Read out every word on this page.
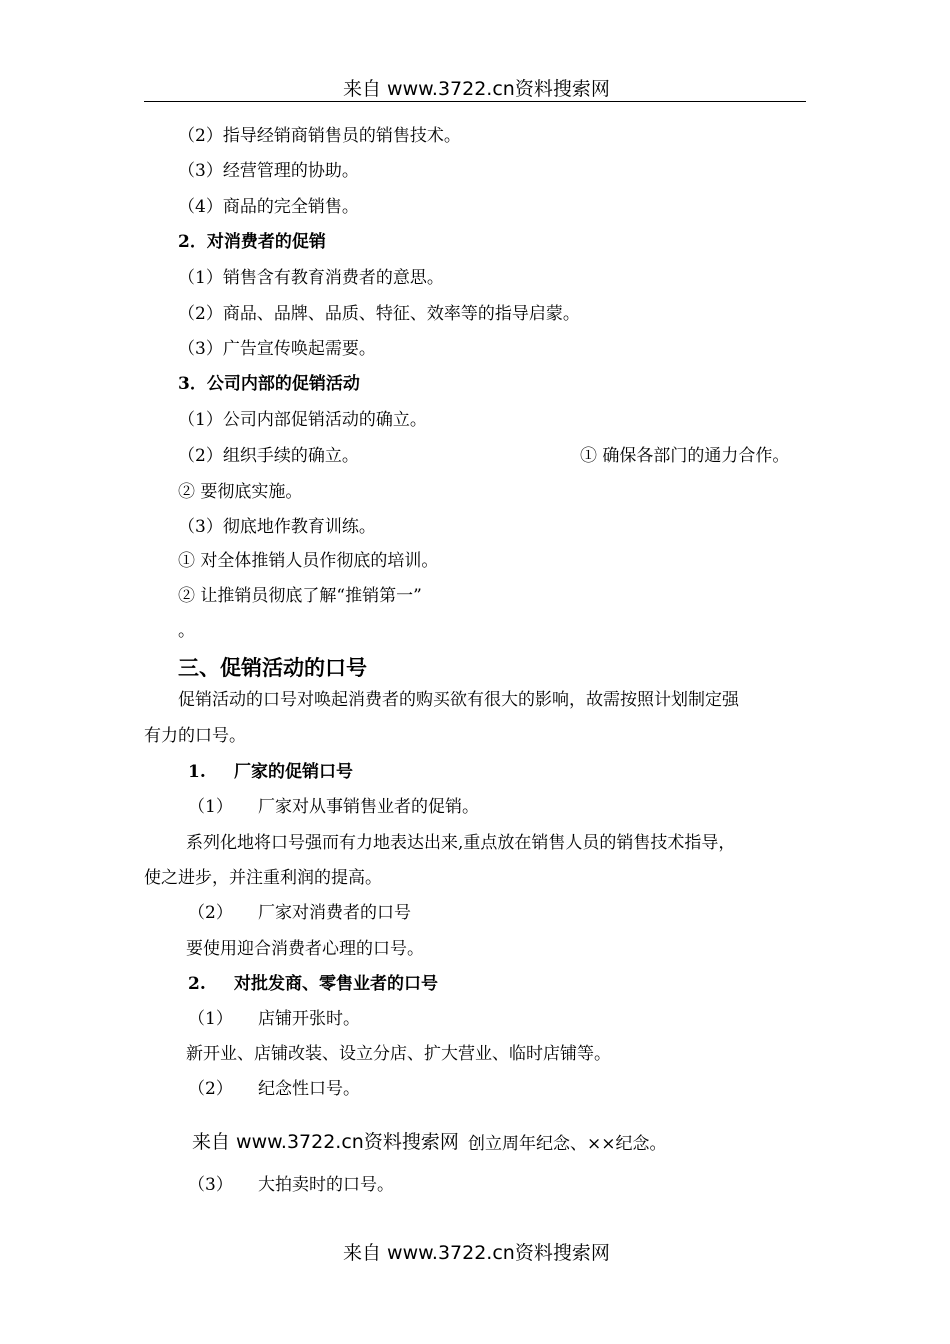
来自 www.3722.cn资料搜索网
（2）指导经销商销售员的销售技术。
（3）经营管理的协助。
（4）商品的完全销售。
2．对消费者的促销
（1）销售含有教育消费者的意思。
（2）商品、品牌、品质、特征、效率等的指导启蒙。
（3）广告宣传唤起需要。
3．公司内部的促销活动
（1）公司内部促销活动的确立。
（2）组织手续的确立。	① 确保各部门的通力合作。
② 要彻底实施。
（3）彻底地作教育训练。
① 对全体推销人员作彻底的培训。
② 让推销员彻底了解“推销第一”
。
三、促销活动的口号
促销活动的口号对唤起消费者的购买欲有很大的影响，故需按照计划制定强
有力的口号。
1. 厂家的促销口号
（1） 厂家对从事销售业者的促销。
系列化地将口号强而有力地表达出来,重点放在销售人员的销售技术指导，
使之进步，并注重利润的提高。
（2） 厂家对消费者的口号
要使用迎合消费者心理的口号。
2. 对批发商、零售业者的口号
（1） 店铺开张时。
新开业、店铺改装、设立分店、扩大营业、临时店铺等。
（2） 纪念性口号。
来自 www.3722.cn资料搜索网 创立周年纪念、××纪念。
（3） 大拍卖时的口号。
来自 www.3722.cn资料搜索网
